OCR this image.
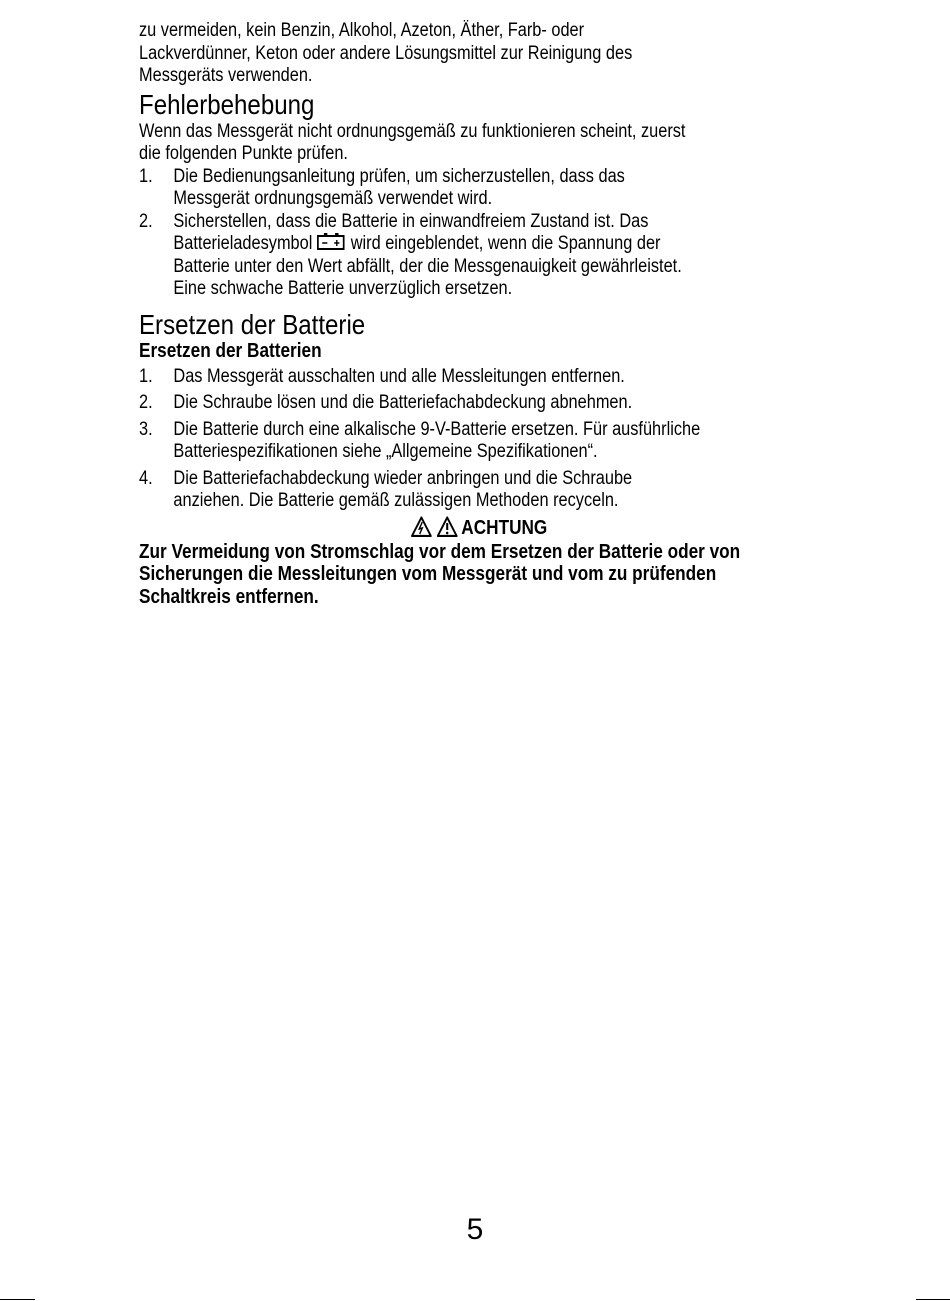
zu vermeiden, kein Benzin, Alkohol, Azeton, Äther, Farb- oder

Lackverdünner, Keton oder andere Lösungsmittel zur Reinigung des

Messgeräts verwenden.

Fehlerbehebung

Wenn das Messgerät nicht ordnungsgemäß zu funktionieren scheint, zuerst

die folgenden Punkte prüfen.

1. Die Bedienungsanleitung prüfen, um sicherzustellen, dass das
Messgerät ordnungsgemäß verwendet wird.
2. Sicherstellen, dass die Batterie in einwandfreiem Zustand ist. Das
Batterieladesymbol wird eingeblendet, wenn die Spannung der
Batterie unter den Wert abfällt, der die Messgenauigkeit gewährleistet.
Eine schwache Batterie unverzüglich ersetzen.
Ersetzen der Batterie
Ersetzen der Batterien
1. Das Messgerät ausschalten und alle Messleitungen entfernen.
2. Die Schraube lösen und die Batteriefachabdeckung abnehmen.
3. Die Batterie durch eine alkalische 9-V-Batterie ersetzen. Für ausführliche
Batteriespezifikationen siehe „Allgemeine Spezifikationen“.
4. Die Batteriefachabdeckung wieder anbringen und die Schraube
anziehen. Die Batterie gemäß zulässigen Methoden recyceln.
ACHTUNG

Zur Vermeidung von Stromschlag vor dem Ersetzen der Batterie oder von

Sicherungen die Messleitungen vom Messgerät und vom zu prüfenden

Schaltkreis entfernen.

5
